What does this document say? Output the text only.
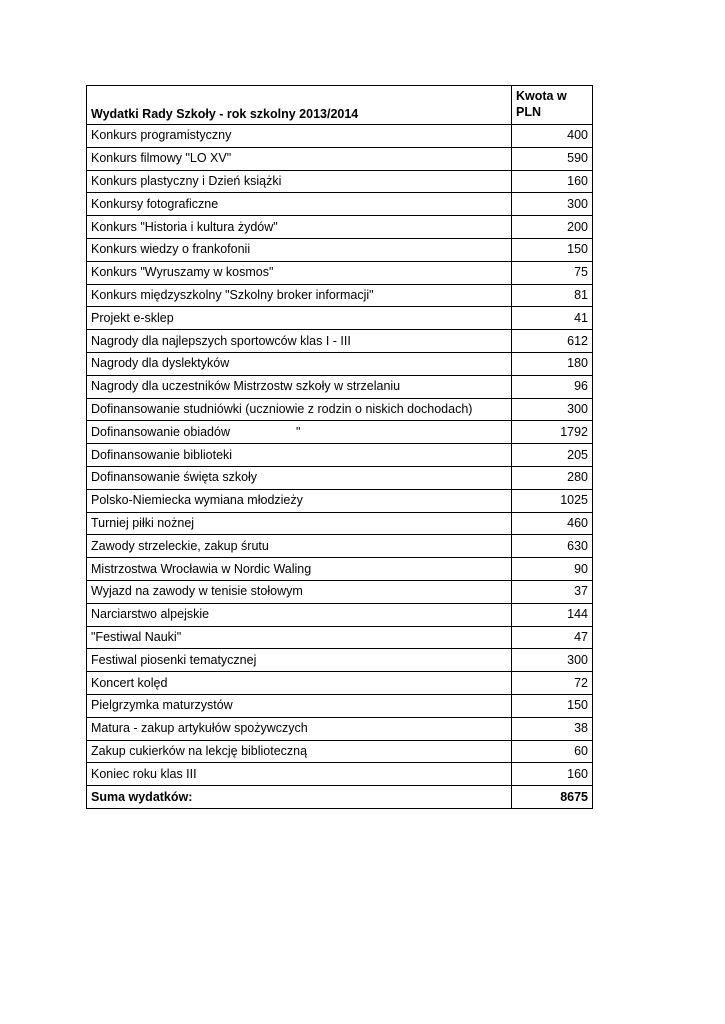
Wydatki Rady Szkoły - rok szkolny 2013/2014	Kwota w PLN
Konkurs programistyczny	400
Konkurs filmowy "LO XV"	590
Konkurs plastyczny i Dzień książki	160
Konkursy fotograficzne	300
Konkurs "Historia i kultura żydów"	200
Konkurs wiedzy o frankofonii	150
Konkurs "Wyruszamy w kosmos"	75
Konkurs międzyszkolny "Szkolny broker informacji"	81
Projekt e-sklep	41
Nagrody dla najlepszych sportowców klas I - III	612
Nagrody dla dyslektyków	180
Nagrody dla uczestników Mistrzostw szkoły w strzelaniu	96
Dofinansowanie studniówki (uczniowie z rodzin o niskich dochodach)	300
Dofinansowanie obiadów "	1792
Dofinansowanie biblioteki	205
Dofinansowanie święta szkoły	280
Polsko-Niemiecka wymiana młodzieży	1025
Turniej piłki nożnej	460
Zawody strzeleckie, zakup śrutu	630
Mistrzostwa Wrocławia w Nordic Waling	90
Wyjazd na zawody w tenisie stołowym	37
Narciarstwo alpejskie	144
"Festiwal Nauki"	47
Festiwal piosenki tematycznej	300
Koncert kolęd	72
Pielgrzymka maturzystów	150
Matura - zakup artykułów spożywczych	38
Zakup cukierków na lekcję biblioteczną	60
Koniec roku klas III	160
Suma wydatków:	8675
